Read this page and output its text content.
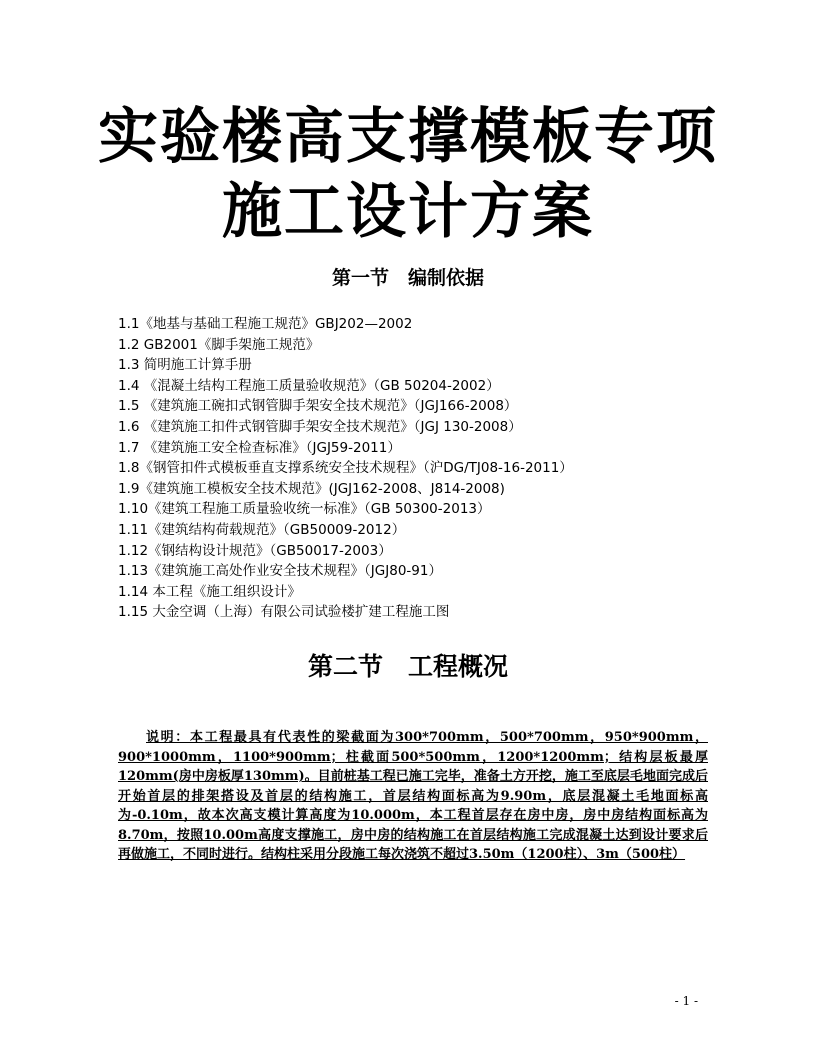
实验楼高支撑模板专项
施工设计方案
第一节　编制依据
1.1《地基与基础工程施工规范》GBJ202—2002
1.2 GB2001《脚手架施工规范》
1.3 简明施工计算手册
1.4 《混凝土结构工程施工质量验收规范》（GB 50204-2002）
1.5 《建筑施工碗扣式钢管脚手架安全技术规范》（JGJ166-2008）
1.6 《建筑施工扣件式钢管脚手架安全技术规范》（JGJ 130-2008）
1.7 《建筑施工安全检查标准》（JGJ59-2011）
1.8《钢管扣件式模板垂直支撑系统安全技术规程》（沪DG/TJ08-16-2011）
1.9《建筑施工模板安全技术规范》(JGJ162-2008、J814-2008)
1.10《建筑工程施工质量验收统一标准》（GB 50300-2013）
1.11《建筑结构荷载规范》（GB50009-2012）
1.12《钢结构设计规范》（GB50017-2003）
1.13《建筑施工高处作业安全技术规程》（JGJ80-91）
1.14 本工程《施工组织设计》
1.15 大金空调（上海）有限公司试验楼扩建工程施工图
第二节　工程概况
说明：本工程最具有代表性的梁截面为300*700mm，500*700mm，950*900mm，900*1000mm，1100*900mm；柱截面500*500mm，1200*1200mm；结构层板最厚120mm(房中房板厚130mm)。目前桩基工程已施工完毕，准备土方开挖，施工至底层毛地面完成后开始首层的排架搭设及首层的结构施工，首层结构面标高为9.90m，底层混凝土毛地面标高为-0.10m，故本次高支模计算高度为10.000m，本工程首层存在房中房，房中房结构面标高为8.70m，按照10.00m高度支撑施工，房中房的结构施工在首层结构施工完成混凝土达到设计要求后再做施工，不同时进行。结构柱采用分段施工每次浇筑不超过3.50m（1200柱）、3m（500柱）
- 1 -
